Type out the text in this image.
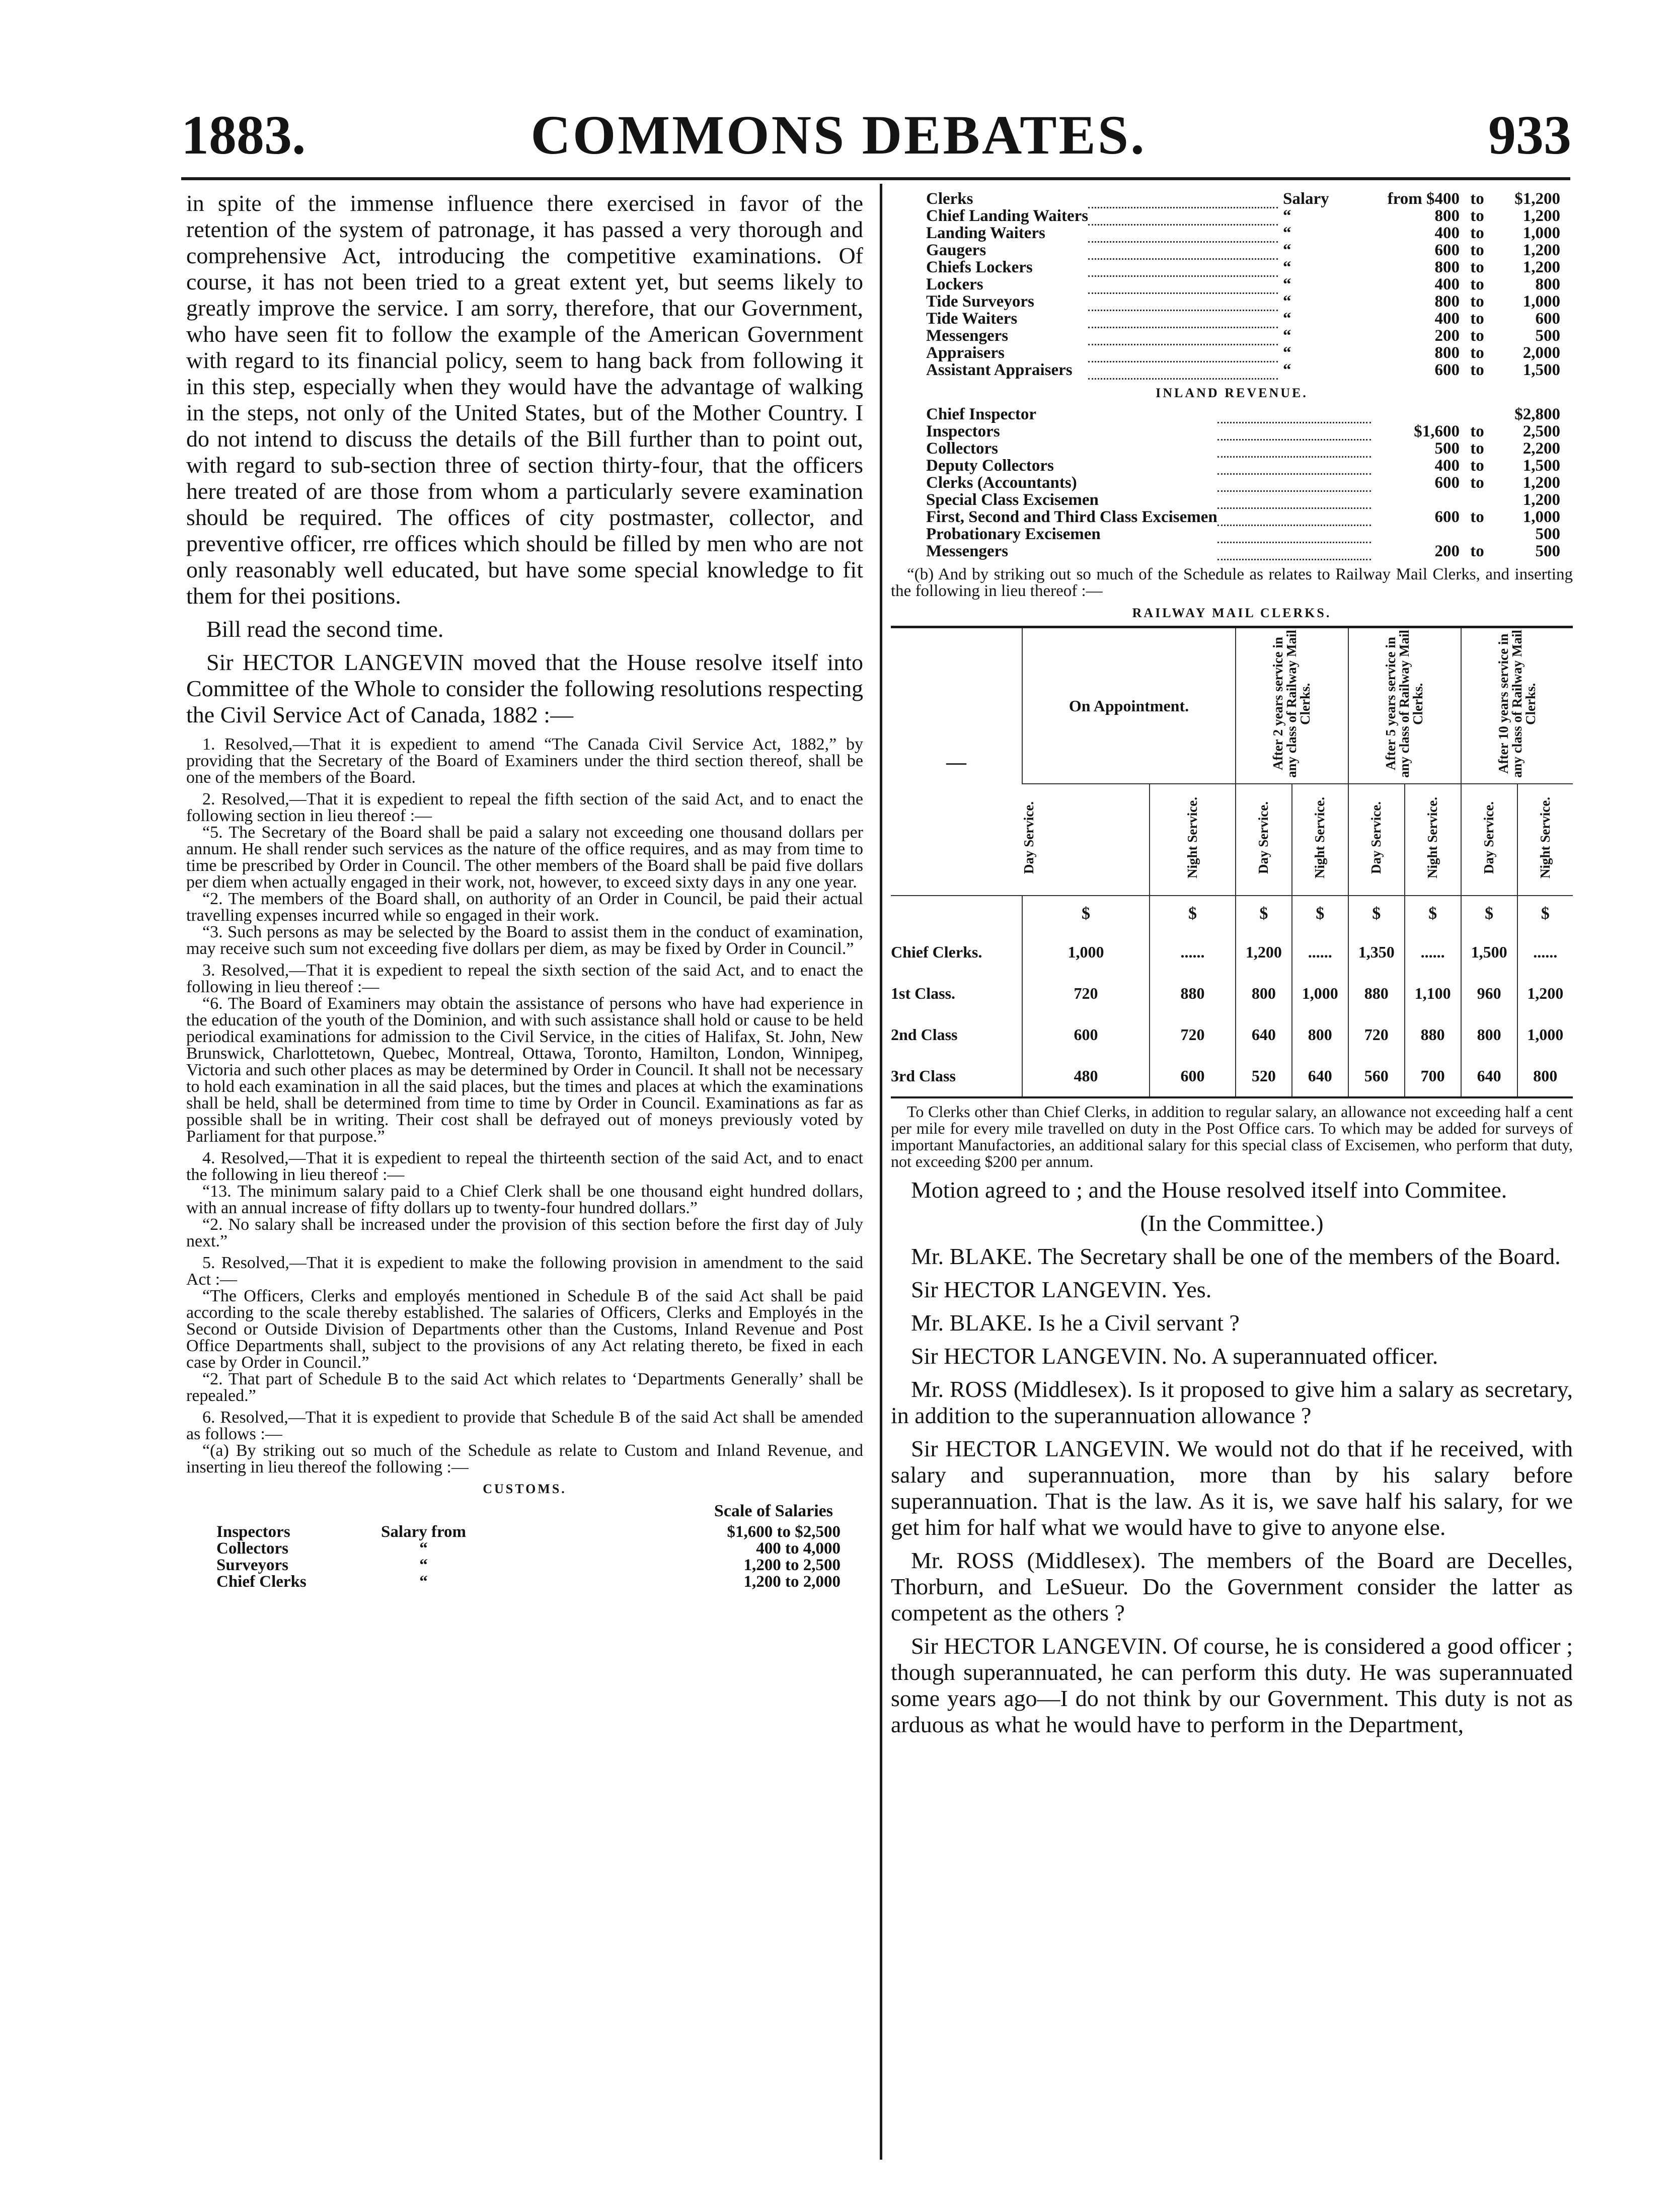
1883.	COMMONS DEBATES.	933

in spite of the immense influence there exercised in favor of the retention of the system of patronage, it has passed a very thorough and comprehensive Act, introducing the competitive examinations. Of course, it has not been tried to a great extent yet, but seems likely to greatly improve the service. I am sorry, therefore, that our Government, who have seen fit to follow the example of the American Government with regard to its financial policy, seem to hang back from following it in this step, especially when they would have the advantage of walking in the steps, not only of the United States, but of the Mother Country. I do not intend to discuss the details of the Bill further than to point out, with regard to sub-section three of section thirty-four, that the officers here treated of are those from whom a particularly severe examination should be required. The offices of city postmaster, collector, and preventive officer, rre offices which should be filled by men who are not only reasonably well educated, but have some special knowledge to fit them for thei positions.

Bill read the second time.

Sir HECTOR LANGEVIN moved that the House resolve itself into Committee of the Whole to consider the following resolutions respecting the Civil Service Act of Canada, 1882 :—

1. Resolved,—That it is expedient to amend “The Canada Civil Service Act, 1882,” by providing that the Secretary of the Board of Examiners under the third section thereof, shall be one of the members of the Board.

2. Resolved,—That it is expedient to repeal the fifth section of the said Act, and to enact the following section in lieu thereof :—

“5. The Secretary of the Board shall be paid a salary not exceeding one thousand dollars per annum. He shall render such services as the nature of the office requires, and as may from time to time be prescribed by Order in Council. The other members of the Board shall be paid five dollars per diem when actually engaged in their work, not, however, to exceed sixty days in any one year.

“2. The members of the Board shall, on authority of an Order in Council, be paid their actual travelling expenses incurred while so engaged in their work.

“3. Such persons as may be selected by the Board to assist them in the conduct of examination, may receive such sum not exceeding five dollars per diem, as may be fixed by Order in Council.”

3. Resolved,—That it is expedient to repeal the sixth section of the said Act, and to enact the following in lieu thereof :—

“6. The Board of Examiners may obtain the assistance of persons who have had experience in the education of the youth of the Dominion, and with such assistance shall hold or cause to be held periodical examinations for admission to the Civil Service, in the cities of Halifax, St. John, New Brunswick, Charlottetown, Quebec, Montreal, Ottawa, Toronto, Hamilton, London, Winnipeg, Victoria and such other places as may be determined by Order in Council. It shall not be necessary to hold each examination in all the said places, but the times and places at which the examinations shall be held, shall be determined from time to time by Order in Council. Examinations as far as possible shall be in writing. Their cost shall be defrayed out of moneys previously voted by Parliament for that purpose.”

4. Resolved,—That it is expedient to repeal the thirteenth section of the said Act, and to enact the following in lieu thereof :—

“13. The minimum salary paid to a Chief Clerk shall be one thousand eight hundred dollars, with an annual increase of fifty dollars up to twenty-four hundred dollars.”

“2. No salary shall be increased under the provision of this section before the first day of July next.”

5. Resolved,—That it is expedient to make the following provision in amendment to the said Act :—

“The Officers, Clerks and employés mentioned in Schedule B of the said Act shall be paid according to the scale thereby established. The salaries of Officers, Clerks and Employés in the Second or Outside Division of Departments other than the Customs, Inland Revenue and Post Office Departments shall, subject to the provisions of any Act relating thereto, be fixed in each case by Order in Council.”

“2. That part of Schedule B to the said Act which relates to ‘Departments Generally’ shall be repealed.”

6. Resolved,—That it is expedient to provide that Schedule B of the said Act shall be amended as follows :—

“(a) By striking out so much of the Schedule as relate to Custom and Inland Revenue, and inserting in lieu thereof the following :—

CUSTOMS.
Scale of Salaries
Inspectors		Salary from	$1,600 to $2,500
Collectors		“	400 to 4,000
Surveyors		“	1,200 to 2,500
Chief Clerks		“	1,200 to 2,000
Clerks		Salary	from $400	to	$1,200
Chief Landing Waiters		“	800	to	1,200
Landing Waiters		“	400	to	1,000
Gaugers		“	600	to	1,200
Chiefs Lockers		“	800	to	1,200
Lockers		“	400	to	800
Tide Surveyors		“	800	to	1,000
Tide Waiters		“	400	to	600
Messengers		“	200	to	500
Appraisers		“	800	to	2,000
Assistant Appraisers		“	600	to	1,500
INLAND REVENUE.
Chief Inspector				$2,800
Inspectors		$1,600	to	2,500
Collectors		500	to	2,200
Deputy Collectors		400	to	1,500
Clerks (Accountants)		600	to	1,200
Special Class Excisemen				1,200
First, Second and Third Class Excisemen		600	to	1,000
Probationary Excisemen				500
Messengers		200	to	500

“(b) And by striking out so much of the Schedule as relates to Railway Mail Clerks, and inserting the following in lieu thereof :—

RAILWAY MAIL CLERKS.
—	On Appointment.		After 2 years service in any class of Railway Mail Clerks.		After 5 years service in any class of Railway Mail Clerks.		After 10 years service in any class of Railway Mail Clerks.	
	Day Service.	Night Service.	Day Service.	Night Service.	Day Service.	Night Service.	Day Service.	Night Service.
	$	$	$	$	$	$	$	$
Chief Clerks.	1,000	......	1,200	......	1,350	......	1,500	......
1st Class.	720	880	800	1,000	880	1,100	960	1,200
2nd Class	600	720	640	800	720	880	800	1,000
3rd Class	480	600	520	640	560	700	640	800

To Clerks other than Chief Clerks, in addition to regular salary, an allowance not exceeding half a cent per mile for every mile travelled on duty in the Post Office cars. To which may be added for surveys of important Manufactories, an additional salary for this special class of Excisemen, who perform that duty, not exceeding $200 per annum.

Motion agreed to ; and the House resolved itself into Commitee.

(In the Committee.)

Mr. BLAKE. The Secretary shall be one of the members of the Board.

Sir HECTOR LANGEVIN. Yes.

Mr. BLAKE. Is he a Civil servant ?

Sir HECTOR LANGEVIN. No. A superannuated officer.

Mr. ROSS (Middlesex). Is it proposed to give him a salary as secretary, in addition to the superannuation allowance ?

Sir HECTOR LANGEVIN. We would not do that if he received, with salary and superannuation, more than by his salary before superannuation. That is the law. As it is, we save half his salary, for we get him for half what we would have to give to anyone else.

Mr. ROSS (Middlesex). The members of the Board are Decelles, Thorburn, and LeSueur. Do the Government consider the latter as competent as the others ?

Sir HECTOR LANGEVIN. Of course, he is considered a good officer ; though superannuated, he can perform this duty. He was superannuated some years ago—I do not think by our Government. This duty is not as arduous as what he would have to perform in the Department,
